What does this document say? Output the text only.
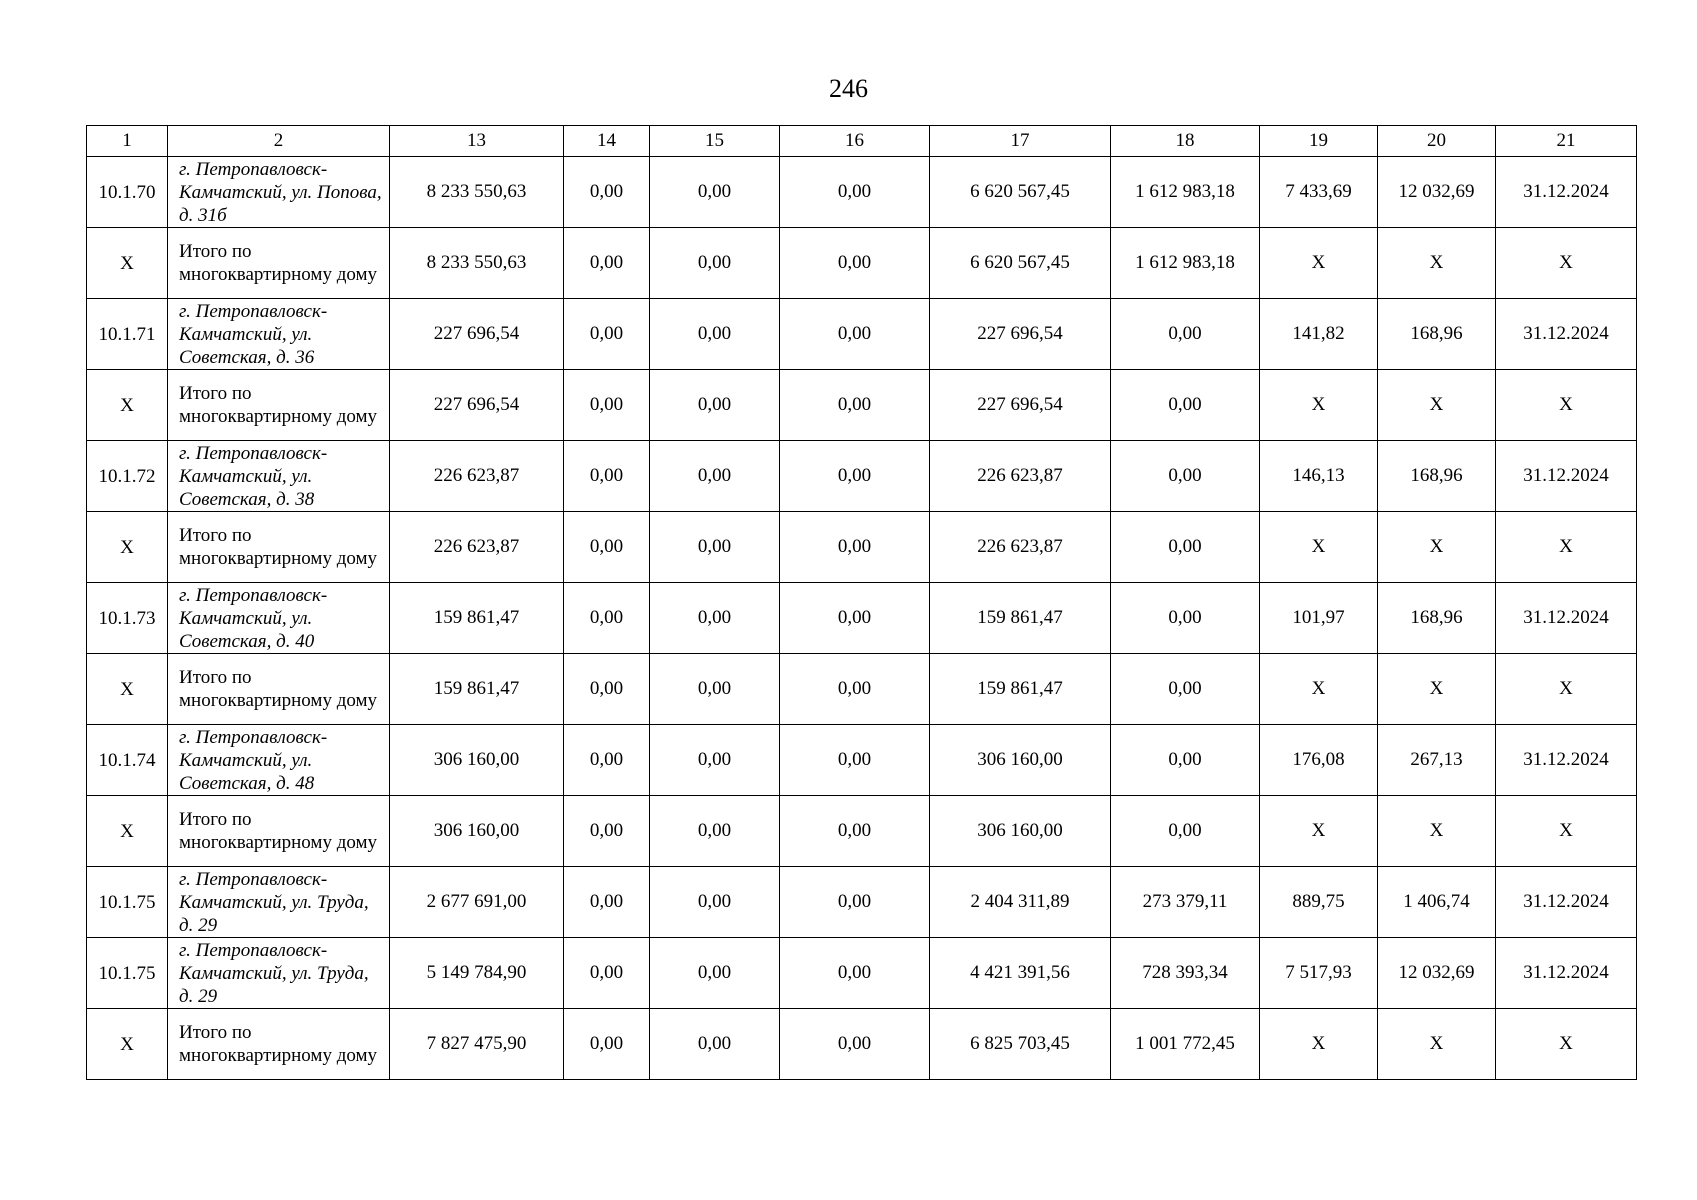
246
1	2	13	14	15	16	17	18	19	20	21
10.1.70	г. Петропавловск-Камчатский, ул. Попова, д. 31б	8 233 550,63	0,00	0,00	0,00	6 620 567,45	1 612 983,18	7 433,69	12 032,69	31.12.2024
Х	Итого по многоквартирному дому	8 233 550,63	0,00	0,00	0,00	6 620 567,45	1 612 983,18	Х	Х	Х
10.1.71	г. Петропавловск-Камчатский, ул. Советская, д. 36	227 696,54	0,00	0,00	0,00	227 696,54	0,00	141,82	168,96	31.12.2024
Х	Итого по многоквартирному дому	227 696,54	0,00	0,00	0,00	227 696,54	0,00	Х	Х	Х
10.1.72	г. Петропавловск-Камчатский, ул. Советская, д. 38	226 623,87	0,00	0,00	0,00	226 623,87	0,00	146,13	168,96	31.12.2024
Х	Итого по многоквартирному дому	226 623,87	0,00	0,00	0,00	226 623,87	0,00	Х	Х	Х
10.1.73	г. Петропавловск-Камчатский, ул. Советская, д. 40	159 861,47	0,00	0,00	0,00	159 861,47	0,00	101,97	168,96	31.12.2024
Х	Итого по многоквартирному дому	159 861,47	0,00	0,00	0,00	159 861,47	0,00	Х	Х	Х
10.1.74	г. Петропавловск-Камчатский, ул. Советская, д. 48	306 160,00	0,00	0,00	0,00	306 160,00	0,00	176,08	267,13	31.12.2024
Х	Итого по многоквартирному дому	306 160,00	0,00	0,00	0,00	306 160,00	0,00	Х	Х	Х
10.1.75	г. Петропавловск-Камчатский, ул. Труда, д. 29	2 677 691,00	0,00	0,00	0,00	2 404 311,89	273 379,11	889,75	1 406,74	31.12.2024
10.1.75	г. Петропавловск-Камчатский, ул. Труда, д. 29	5 149 784,90	0,00	0,00	0,00	4 421 391,56	728 393,34	7 517,93	12 032,69	31.12.2024
Х	Итого по многоквартирному дому	7 827 475,90	0,00	0,00	0,00	6 825 703,45	1 001 772,45	Х	Х	Х
